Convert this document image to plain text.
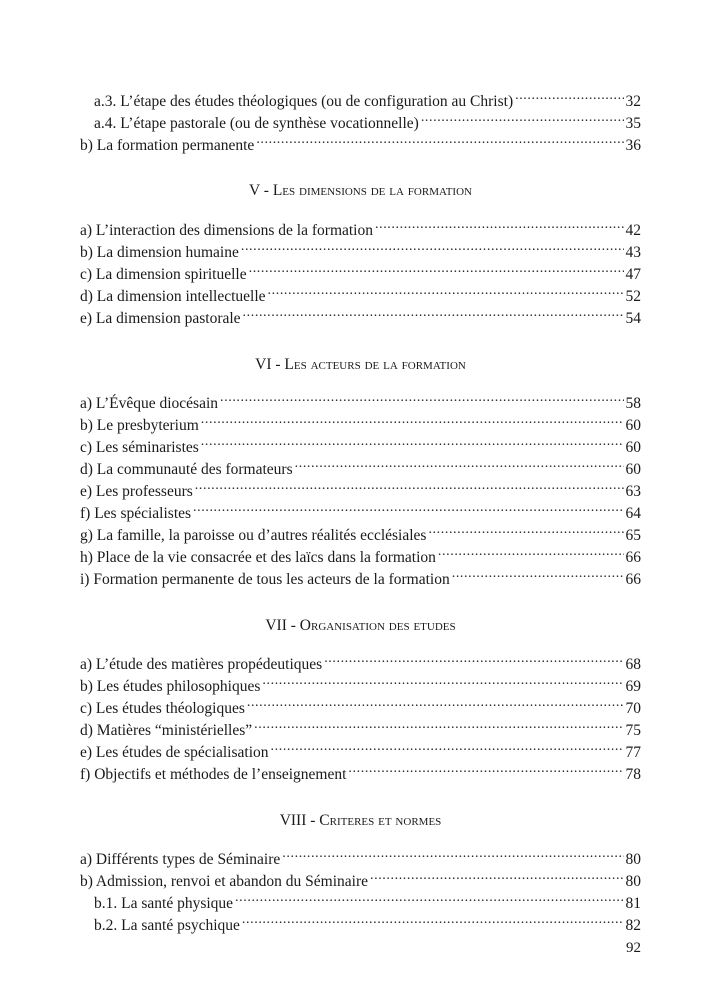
a.3. L’étape des études théologiques (ou de configuration au Christ) .....	32
a.4. L’étape pastorale (ou de synthèse vocationnelle) .....	35
b) La formation permanente .....	36
V - Les dimensions de la formation
a) L’interaction des dimensions de la formation .....	42
b) La dimension humaine .....	43
c) La dimension spirituelle .....	47
d) La dimension intellectuelle .....	52
e) La dimension pastorale .....	54
VI - Les acteurs de la formation
a) L’Évêque diocésain .....	58
b) Le presbyterium .....	60
c) Les séminaristes .....	60
d) La communauté des formateurs .....	60
e) Les professeurs .....	63
f) Les spécialistes .....	64
g) La famille, la paroisse ou d’autres réalités ecclésiales .....	65
h) Place de la vie consacrée et des laïcs dans la formation .....	66
i) Formation permanente de tous les acteurs de la formation .....	66
VII - Organisation des etudes
a) L’étude des matières propédeutiques .....	68
b) Les études philosophiques .....	69
c) Les études théologiques .....	70
d) Matières “ministérielles” .....	75
e) Les études de spécialisation .....	77
f) Objectifs et méthodes de l’enseignement .....	78
VIII - Criteres et normes
a) Différents types de Séminaire .....	80
b) Admission, renvoi et abandon du Séminaire .....	80
b.1. La santé physique .....	81
b.2. La santé psychique .....	82
92
